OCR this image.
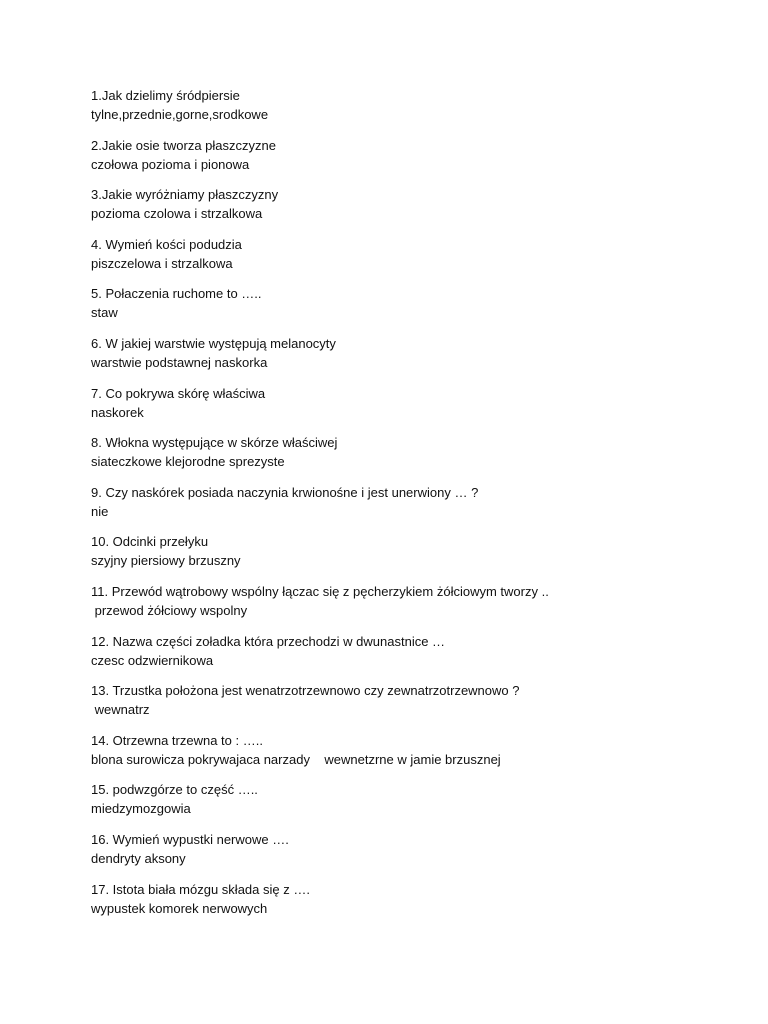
1.Jak dzielimy śródpiersie

tylne,przednie,gorne,srodkowe

2.Jakie osie tworza płaszczyzne

czołowa pozioma i pionowa

3.Jakie wyróżniamy płaszczyzny

pozioma czolowa i strzalkowa

4. Wymień kości podudzia

piszczelowa i strzalkowa

5. Połaczenia ruchome to …..

staw

6. W jakiej warstwie występują melanocyty

warstwie podstawnej naskorka

7. Co pokrywa skórę właściwa

naskorek

8. Włokna występujące w skórze właściwej

siateczkowe klejorodne sprezyste

9. Czy naskórek posiada naczynia krwionośne i jest unerwiony … ?

nie

10. Odcinki przełyku

szyjny piersiowy brzuszny

11. Przewód wątrobowy wspólny łączac się z pęcherzykiem żółciowym tworzy ..

przewod żółciowy wspolny

12. Nazwa części zoładka która przechodzi w dwunastnice …

czesc odzwiernikowa

13. Trzustka położona jest wenatrzotrzewnowo czy zewnatrzotrzewnowo ?

wewnatrz

14. Otrzewna trzewna to : …..

blona surowicza pokrywajaca narzady    wewnetzrne w jamie brzusznej

15. podwzgórze to część …..

miedzymozgowia

16. Wymień wypustki nerwowe ….

dendryty aksony

17. Istota biała mózgu składa się z ….

wypustek komorek nerwowych
